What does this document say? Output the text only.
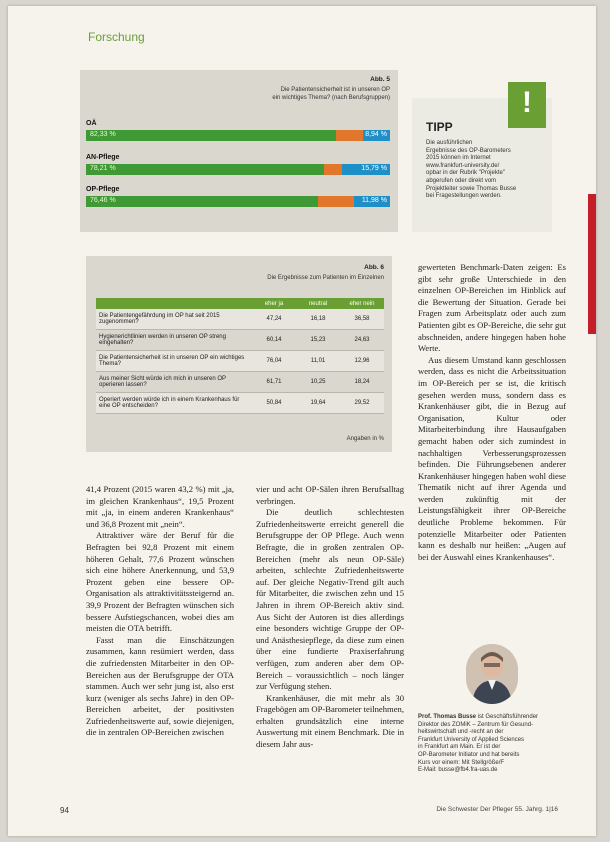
Forschung
Abb. 5
Die Patientensicherheit ist in unseren OP
ein wichtiges Thema? (nach Berufsgruppen)
OÄ
82,33 %	8,94 %
AN-Pflege
78,21 %	15,79 %
OP-Pflege
76,46 %	11,98 %
!
TIPP
Die ausführlichen
Ergebnisse des OP-Barometers
2015 können im Internet
www.frankfurt-university.de/
opbar in der Rubrik "Projekte"
abgerufen oder direkt vom
Projektleiter sowie Thomas Busse
bei Fragestellungen werden.
Abb. 6
Die Ergebnisse zum Patienten im Einzelnen
	eher ja	neutral	eher nein
Die Patientengefährdung im OP hat seit 2015 zugenommen?	47,24	16,18	36,58
Hygienerichtlinien werden in unseren OP streng eingehalten?	60,14	15,23	24,63
Die Patientensicherheit ist in unseren OP ein wichtiges Thema?	76,04	11,01	12,96
Aus meiner Sicht würde ich mich in unseren OP operieren lassen?	61,71	10,25	18,24
Operiert werden würde ich in einem Krankenhaus für eine OP entscheiden?	50,84	19,64	29,52
Angaben in %

41,4 Prozent (2015 waren 43,2 %) mit „ja, im gleichen Krankenhaus“, 19,5 Prozent mit „ja, in einem anderen Krankenhaus“ und 36,8 Prozent mit „nein“.

Attraktiver wäre der Beruf für die Befragten bei 92,8 Prozent mit einem höheren Gehalt, 77,6 Prozent wünschen sich eine höhere Anerkennung, und 53,9 Prozent geben eine bessere OP-Organisation als attraktivitätssteigernd an. 39,9 Prozent der Befragten wünschen sich bessere Aufstiegschancen, wobei dies am meisten die OTA betrifft.

Fasst man die Einschätzungen zusammen, kann resümiert werden, dass die zufriedensten Mitarbeiter in den OP-Bereichen aus der Berufsgruppe der OTA stammen. Auch wer sehr jung ist, also erst kurz (weniger als sechs Jahre) in den OP-Bereichen arbeitet, der positivsten Zufriedenheitswerte auf, sowie diejenigen, die in zentralen OP-Bereichen zwischen

vier und acht OP-Sälen ihren Berufsalltag verbringen.

Die deutlich schlechtesten Zufriedenheitswerte erreicht generell die Berufsgruppe der OP Pflege. Auch wenn Befragte, die in großen zentralen OP-Bereichen (mehr als neun OP-Säle) arbeiten, schlechte Zufriedenheitswerte auf. Der gleiche Negativ-Trend gilt auch für Mitarbeiter, die zwischen zehn und 15 Jahren in ihrem OP-Bereich aktiv sind. Aus Sicht der Autoren ist dies allerdings eine besonders wichtige Gruppe der OP- und Anästhesiepflege, da diese zum einen über eine fundierte Praxiserfahrung verfügen, zum anderen aber dem OP-Bereich – voraussichtlich – noch länger zur Verfügung stehen.

Krankenhäuser, die mit mehr als 30 Fragebögen am OP-Barometer teilnehmen, erhalten grundsätzlich eine interne Auswertung mit einem Benchmark. Die in diesem Jahr aus-

gewerteten Benchmark-Daten zeigen: Es gibt sehr große Unterschiede in den einzelnen OP-Bereichen im Hinblick auf die Bewertung der Situation. Gerade bei Fragen zum Arbeitsplatz oder auch zum Patienten gibt es OP-Bereiche, die sehr gut abschneiden, andere hingegen haben hohe Werte.

Aus diesem Umstand kann geschlossen werden, dass es nicht die Arbeitssituation im OP-Bereich per se ist, die kritisch gesehen werden muss, sondern dass es Krankenhäuser gibt, die in Bezug auf Organisation, Kultur oder Mitarbeiterbindung ihre Hausaufgaben gemacht haben oder sich zumindest in nachhaltigen Verbesserungsprozessen befinden. Die Führungsebenen anderer Krankenhäuser hingegen haben wohl diese Thematik nicht auf ihrer Agenda und werden zukünftig mit der Leistungsfähigkeit ihrer OP-Bereiche deutliche Probleme bekommen. Für potenzielle Mitarbeiter oder Patienten kann es deshalb nur heißen: „Augen auf bei der Auswahl eines Krankenhauses“.

Prof. Thomas Busse ist Geschäftsführender
Direktor des ZOMiK – Zentrum für Gesund-
heitswirtschaft und -recht an der
Frankfurt University of Applied Sciences
in Frankfurt am Main. Er ist der
OP-Barometer Initiator und hat bereits
Kurs vor einem: Mit Stellgröße/F
E-Mail: busse@fb4.fra-uas.de
94	Die Schwester Der Pfleger 55. Jahrg. 1|16
